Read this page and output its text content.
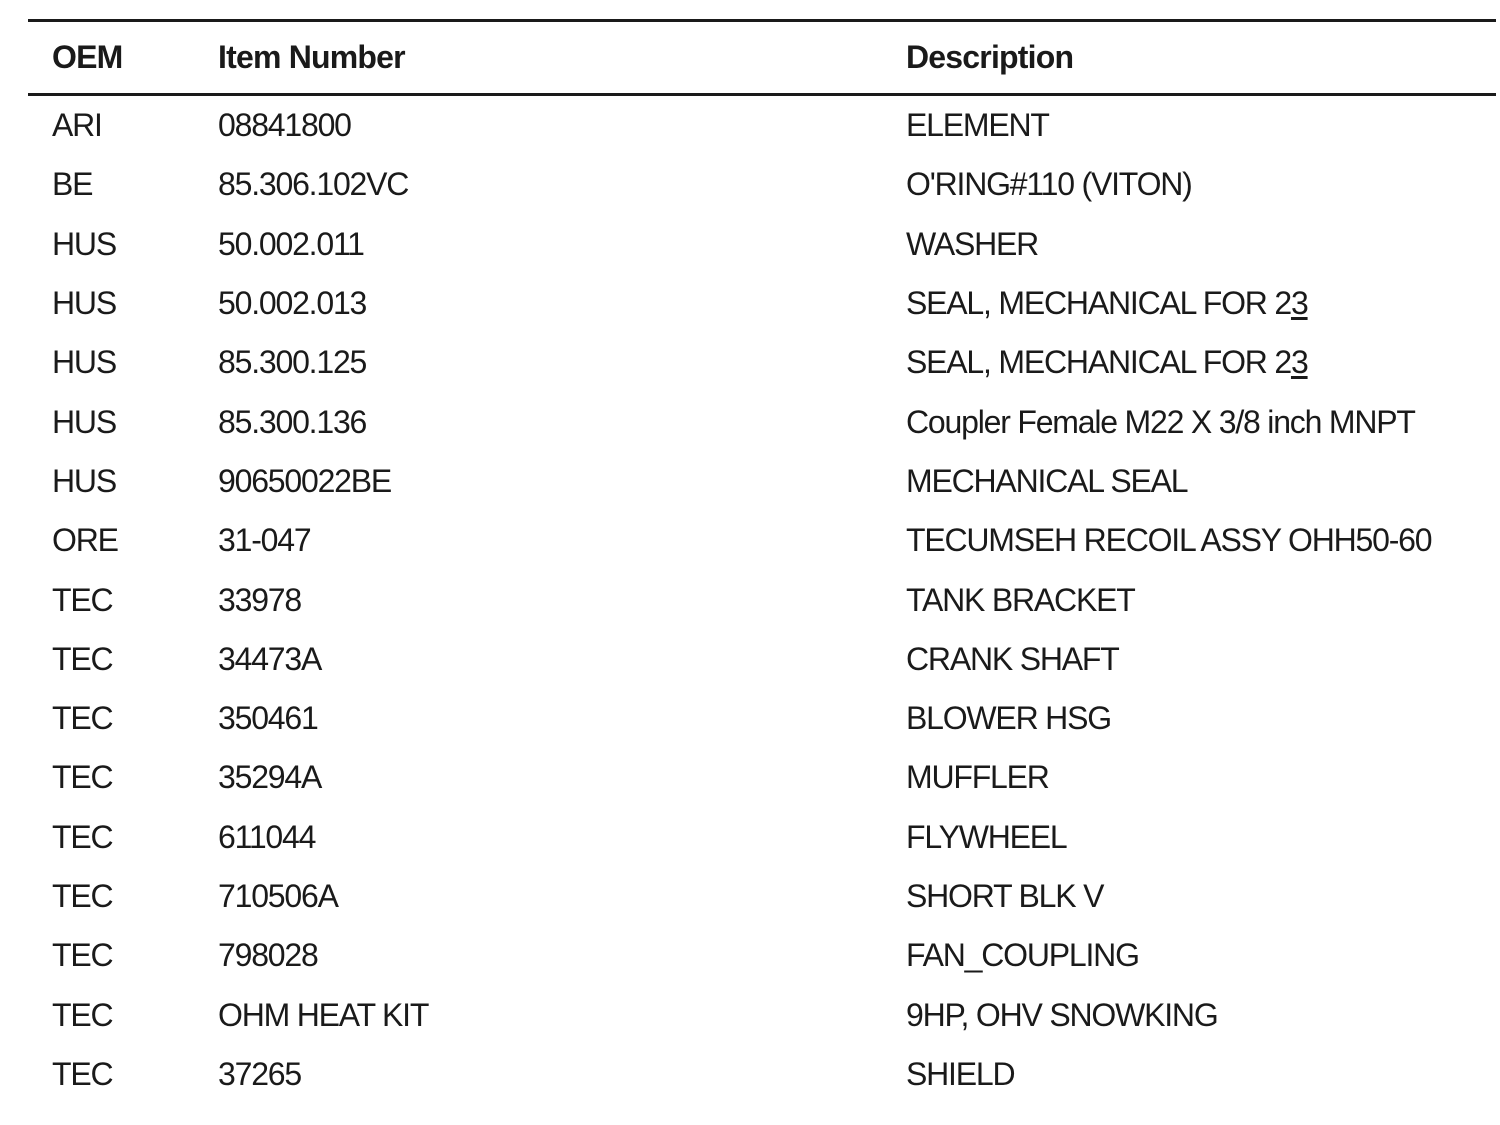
OEM	Item Number	Description
ARI	08841800	ELEMENT
BE	85.306.102VC	O'RING#110 (VITON)
HUS	50.002.011	WASHER
HUS	50.002.013	SEAL, MECHANICAL FOR 2 3
HUS	85.300.125	SEAL, MECHANICAL FOR 2 3
HUS	85.300.136	Coupler Female M22 X 3/8 inch MNPT
HUS	90650022BE	MECHANICAL SEAL
ORE	31-047	TECUMSEH RECOIL ASSY OHH50-60
TEC	33978	TANK BRACKET
TEC	34473A	CRANK SHAFT
TEC	350461	BLOWER HSG
TEC	35294A	MUFFLER
TEC	611044	FLYWHEEL
TEC	710506A	SHORT BLK V
TEC	798028	FAN_COUPLING
TEC	OHM HEAT KIT	9HP, OHV SNOWKING
TEC	37265	SHIELD
